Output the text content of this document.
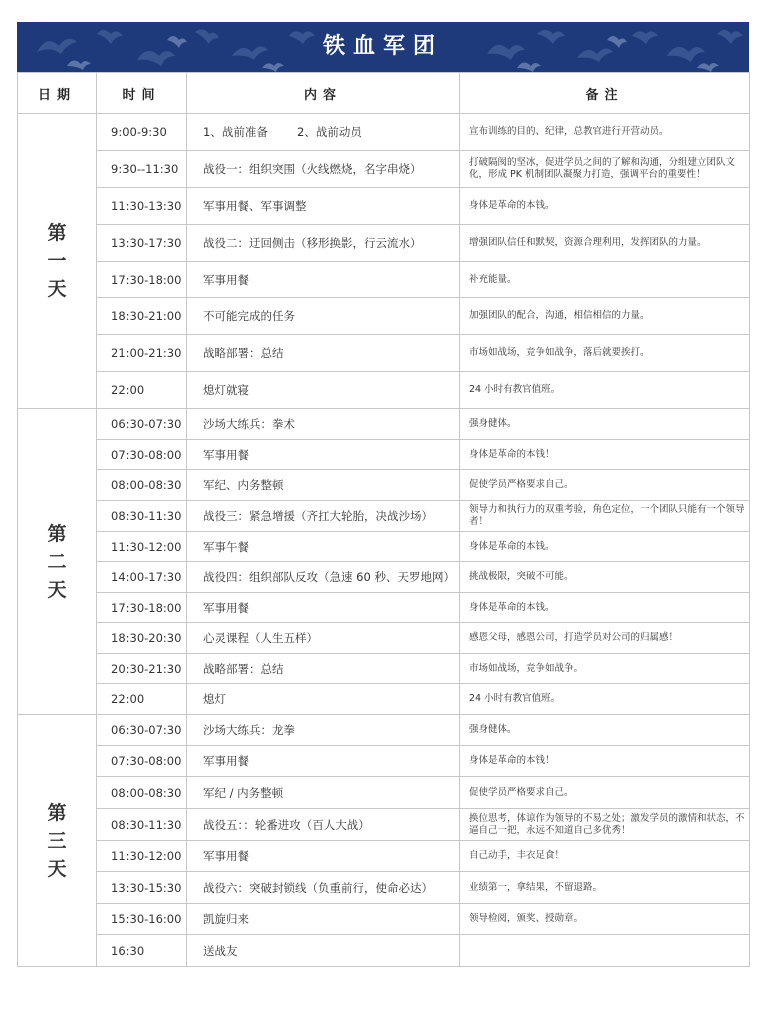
铁血军团
日期	时间	内容	备注
第
一
天	9:00-9:30	1、战前准备        2、战前动员	宣布训练的目的、纪律，总教官进行开营动员。
	9:30--11:30	战役一：组织突围（火线燃烧，名字串烧）	打破隔阂的坚冰，促进学员之间的了解和沟通，分组建立团队文化，形成 PK 机制团队凝聚力打造，强调平台的重要性！
	11:30-13:30	军事用餐、军事调整	身体是革命的本钱。
	13:30-17:30	战役二：迂回侧击（移形换影，行云流水）	增强团队信任和默契，资源合理利用，发挥团队的力量。
	17:30-18:00	军事用餐	补充能量。
	18:30-21:00	不可能完成的任务	加强团队的配合，沟通，相信相信的力量。
	21:00-21:30	战略部署：总结	市场如战场，竞争如战争，落后就要挨打。
	22:00	熄灯就寝	24 小时有教官值班。
第
二
天	06:30-07:30	沙场大练兵：拳术	强身健体。
	07:30-08:00	军事用餐	身体是革命的本钱！
	08:00-08:30	军纪、内务整顿	促使学员严格要求自己。
	08:30-11:30	战役三：紧急增援（齐扛大轮胎，决战沙场）	领导力和执行力的双重考验，角色定位，一个团队只能有一个领导者！
	11:30-12:00	军事午餐	身体是革命的本钱。
	14:00-17:30	战役四：组织部队反攻（急速 60 秒、天罗地网）	挑战极限，突破不可能。
	17:30-18:00	军事用餐	身体是革命的本钱。
	18:30-20:30	心灵课程（人生五样）	感恩父母，感恩公司，打造学员对公司的归属感！
	20:30-21:30	战略部署：总结	市场如战场，竞争如战争。
	22:00	熄灯	24 小时有教官值班。
第
三
天	06:30-07:30	沙场大练兵：龙拳	强身健体。
	07:30-08:00	军事用餐	身体是革命的本钱！
	08:00-08:30	军纪 / 内务整顿	促使学员严格要求自己。
	08:30-11:30	战役五：：轮番进攻（百人大战）	换位思考，体谅作为领导的不易之处；激发学员的激情和状态，不逼自己一把，永远不知道自己多优秀！
	11:30-12:00	军事用餐	自己动手，丰衣足食！
	13:30-15:30	战役六：突破封锁线（负重前行，使命必达）	业绩第一，拿结果，不留退路。
	15:30-16:00	凯旋归来	领导检阅，颁奖、授勋章。
	16:30	送战友	
